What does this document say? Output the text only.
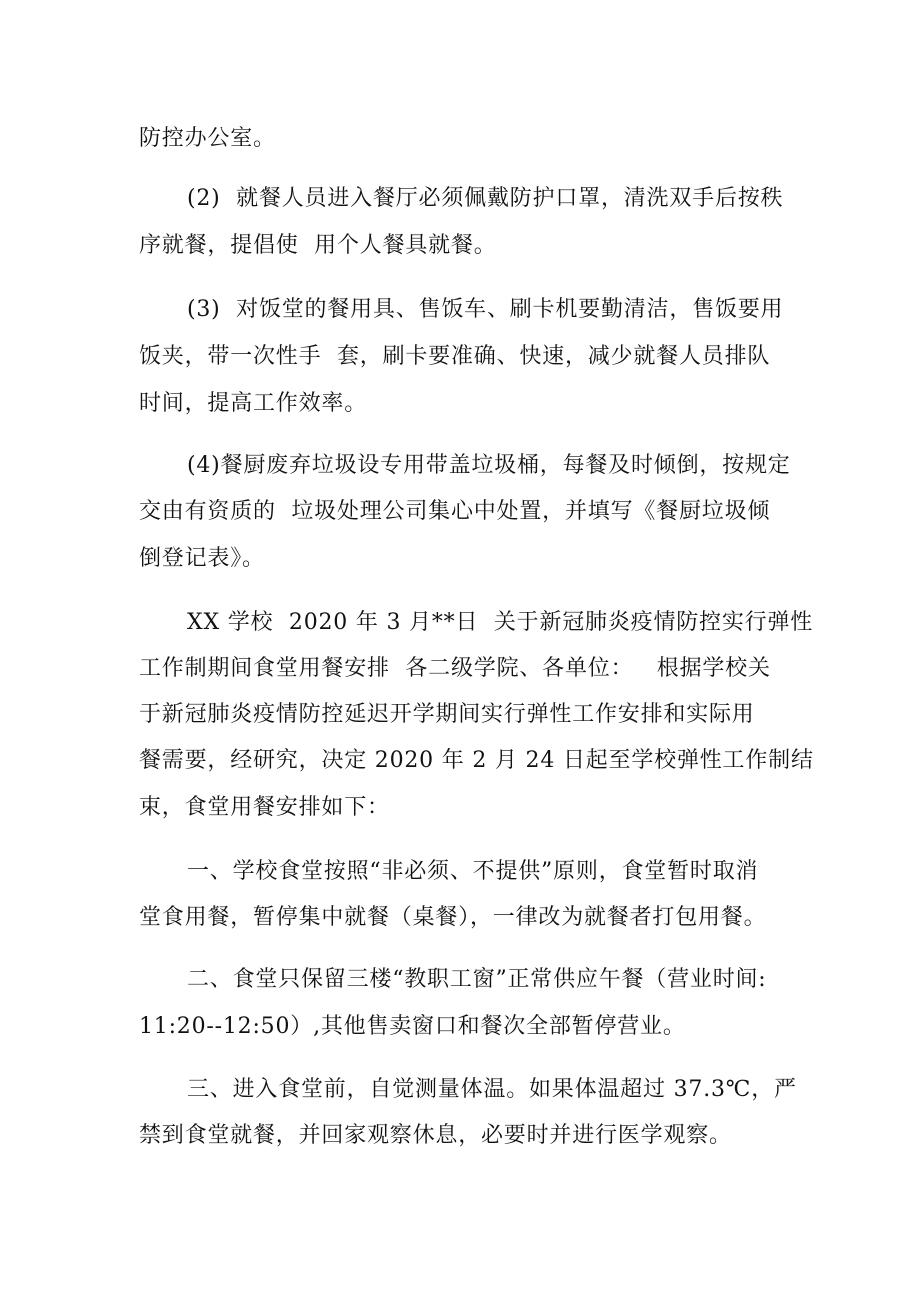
防控办公室。
(2)  就餐人员进入餐厅必须佩戴防护口罩，清洗双手后按秩
序就餐，提倡使  用个人餐具就餐。
(3)  对饭堂的餐用具、售饭车、刷卡机要勤清洁，售饭要用
饭夹，带一次性手  套，刷卡要准确、快速，减少就餐人员排队
时间，提高工作效率。
(4)餐厨废弃垃圾设专用带盖垃圾桶，每餐及时倾倒，按规定
交由有资质的  垃圾处理公司集心中处置，并填写《餐厨垃圾倾
倒登记表》。
XX 学校  2020 年 3 月**日  关于新冠肺炎疫情防控实行弹性
工作制期间食堂用餐安排  各二级学院、各单位：   根据学校关
于新冠肺炎疫情防控延迟开学期间实行弹性工作安排和实际用
餐需要，经研究，决定 2020 年 2 月 24 日起至学校弹性工作制结
束，食堂用餐安排如下：
一、学校食堂按照“非必须、不提供”原则，食堂暂时取消
堂食用餐，暂停集中就餐（桌餐），一律改为就餐者打包用餐。
二、食堂只保留三楼“教职工窗”正常供应午餐（营业时间:
11:20--12:50）,其他售卖窗口和餐次全部暂停营业。
三、进入食堂前，自觉测量体温。如果体温超过 37.3℃，严
禁到食堂就餐，并回家观察休息，必要时并进行医学观察。
